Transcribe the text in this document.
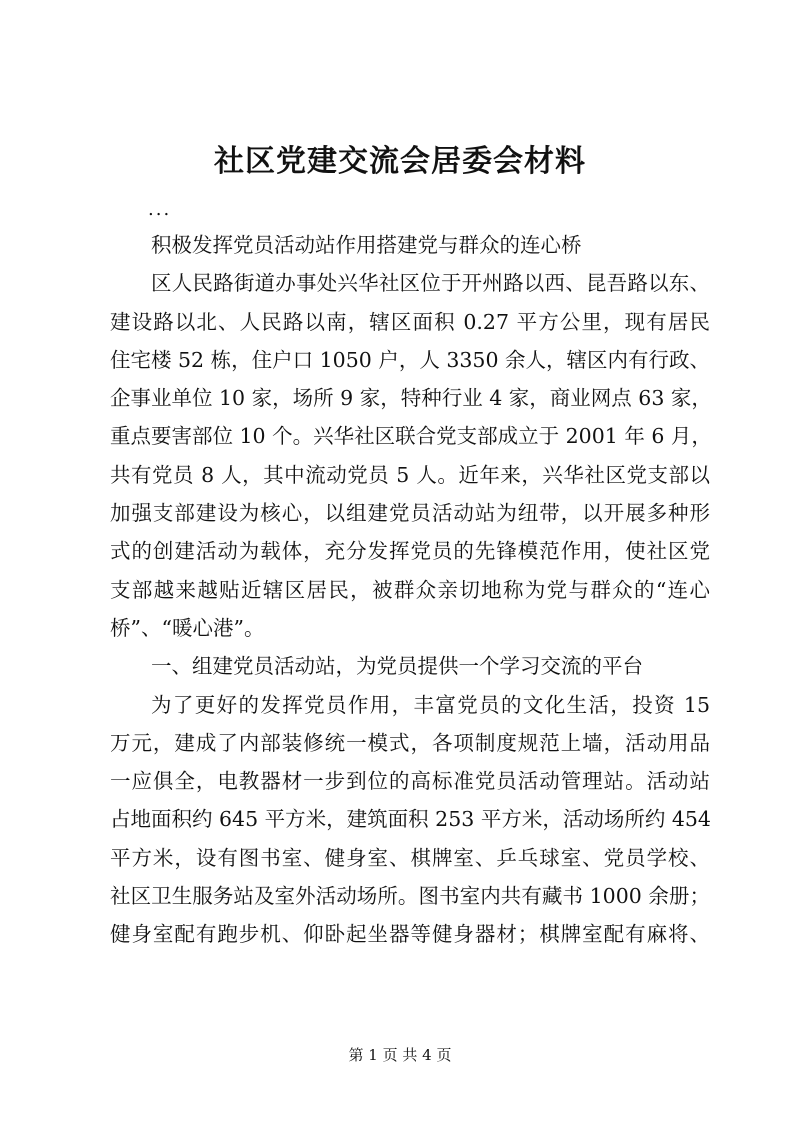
社区党建交流会居委会材料
...
积极发挥党员活动站作用搭建党与群众的连心桥
区人民路街道办事处兴华社区位于开州路以西、昆吾路以东、
建设路以北、人民路以南，辖区面积 0.27 平方公里，现有居民
住宅楼 52 栋，住户口 1050 户，人 3350 余人，辖区内有行政、
企事业单位 10 家，场所 9 家，特种行业 4 家，商业网点 63 家，
重点要害部位 10 个。兴华社区联合党支部成立于 2001 年 6 月，
共有党员 8 人，其中流动党员 5 人。近年来，兴华社区党支部以
加强支部建设为核心，以组建党员活动站为纽带，以开展多种形
式的创建活动为载体，充分发挥党员的先锋模范作用，使社区党
支部越来越贴近辖区居民，被群众亲切地称为党与群众的“连心
桥”、“暖心港”。
一、组建党员活动站，为党员提供一个学习交流的平台
为了更好的发挥党员作用，丰富党员的文化生活，投资 15
万元，建成了内部装修统一模式，各项制度规范上墙，活动用品
一应俱全，电教器材一步到位的高标准党员活动管理站。活动站
占地面积约 645 平方米，建筑面积 253 平方米，活动场所约 454
平方米，设有图书室、健身室、棋牌室、乒乓球室、党员学校、
社区卫生服务站及室外活动场所。图书室内共有藏书 1000 余册；
健身室配有跑步机、仰卧起坐器等健身器材；棋牌室配有麻将、
第 1 页 共 4 页
